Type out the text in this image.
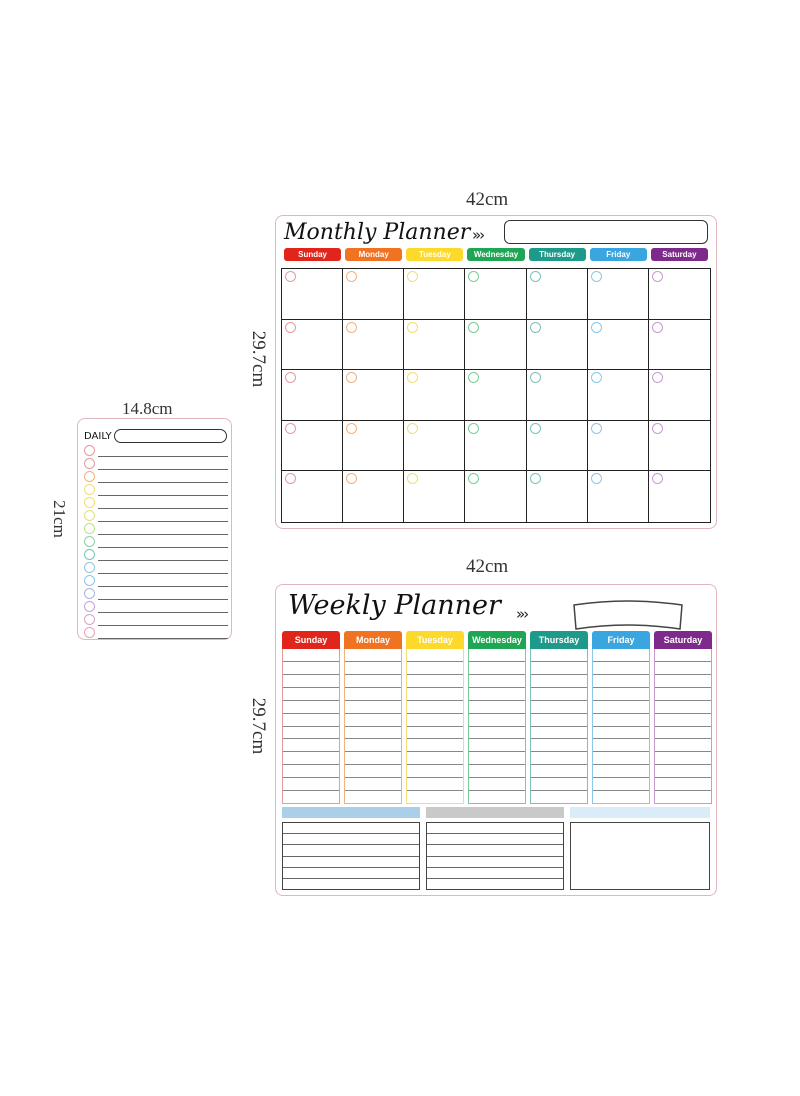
42cm
29.7cm
14.8cm
21cm
42cm
29.7cm
Monthly Planner »›
Sunday	Monday	Tuesday	Wednesday	Thursday	Friday	Saturday
DAILY
Weekly Planner »›
Sunday	Monday	Tuesday	Wednesday	Thursday	Friday	Saturday
